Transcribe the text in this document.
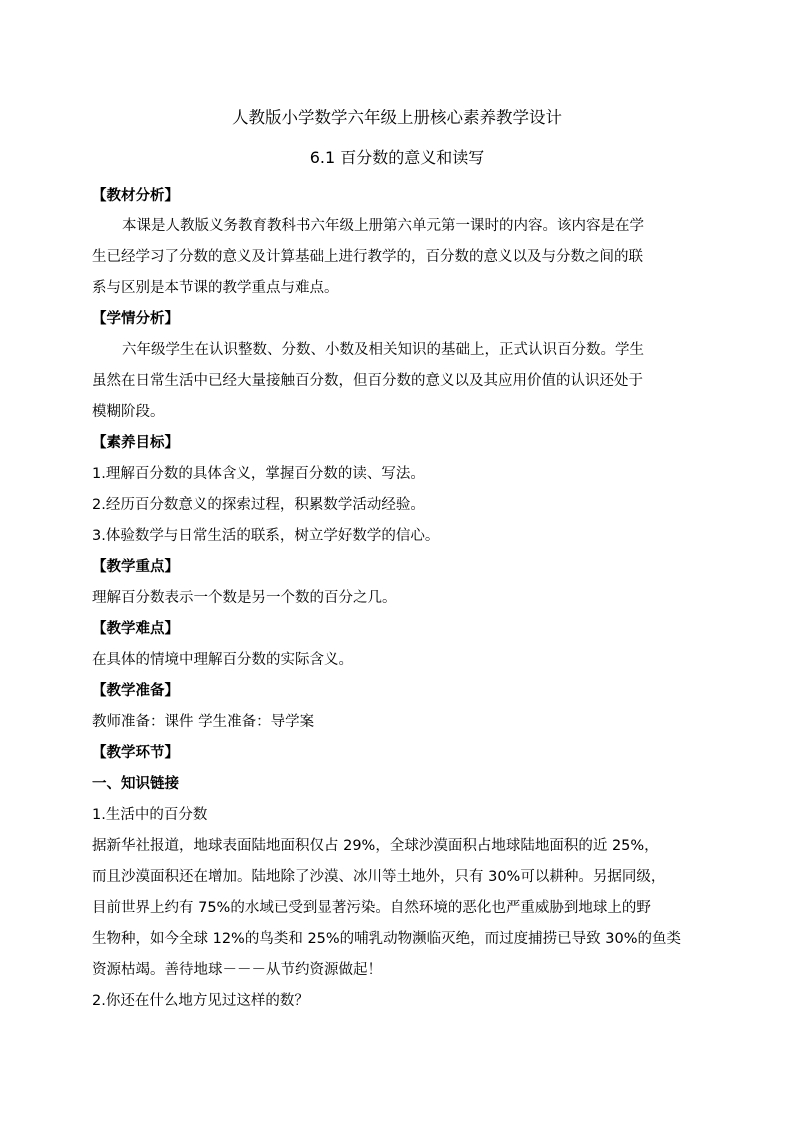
人教版小学数学六年级上册核心素养教学设计
6.1 百分数的意义和读写
【教材分析】
本课是人教版义务教育教科书六年级上册第六单元第一课时的内容。该内容是在学
生已经学习了分数的意义及计算基础上进行教学的，百分数的意义以及与分数之间的联
系与区别是本节课的教学重点与难点。
【学情分析】
六年级学生在认识整数、分数、小数及相关知识的基础上，正式认识百分数。学生
虽然在日常生活中已经大量接触百分数，但百分数的意义以及其应用价值的认识还处于
模糊阶段。
【素养目标】
1.理解百分数的具体含义，掌握百分数的读、写法。
2.经历百分数意义的探索过程，积累数学活动经验。
3.体验数学与日常生活的联系，树立学好数学的信心。
【教学重点】
理解百分数表示一个数是另一个数的百分之几。
【教学难点】
在具体的情境中理解百分数的实际含义。
【教学准备】
教师准备：课件 学生准备：导学案
【教学环节】
一、知识链接
1.生活中的百分数
据新华社报道，地球表面陆地面积仅占 29%，全球沙漠面积占地球陆地面积的近 25%，
而且沙漠面积还在增加。陆地除了沙漠、冰川等土地外，只有 30%可以耕种。另据同级，
目前世界上约有 75%的水域已受到显著污染。自然环境的恶化也严重威胁到地球上的野
生物种，如今全球 12%的鸟类和 25%的哺乳动物濒临灭绝，而过度捕捞已导致 30%的鱼类
资源枯竭。善待地球－－－从节约资源做起！
2.你还在什么地方见过这样的数？
